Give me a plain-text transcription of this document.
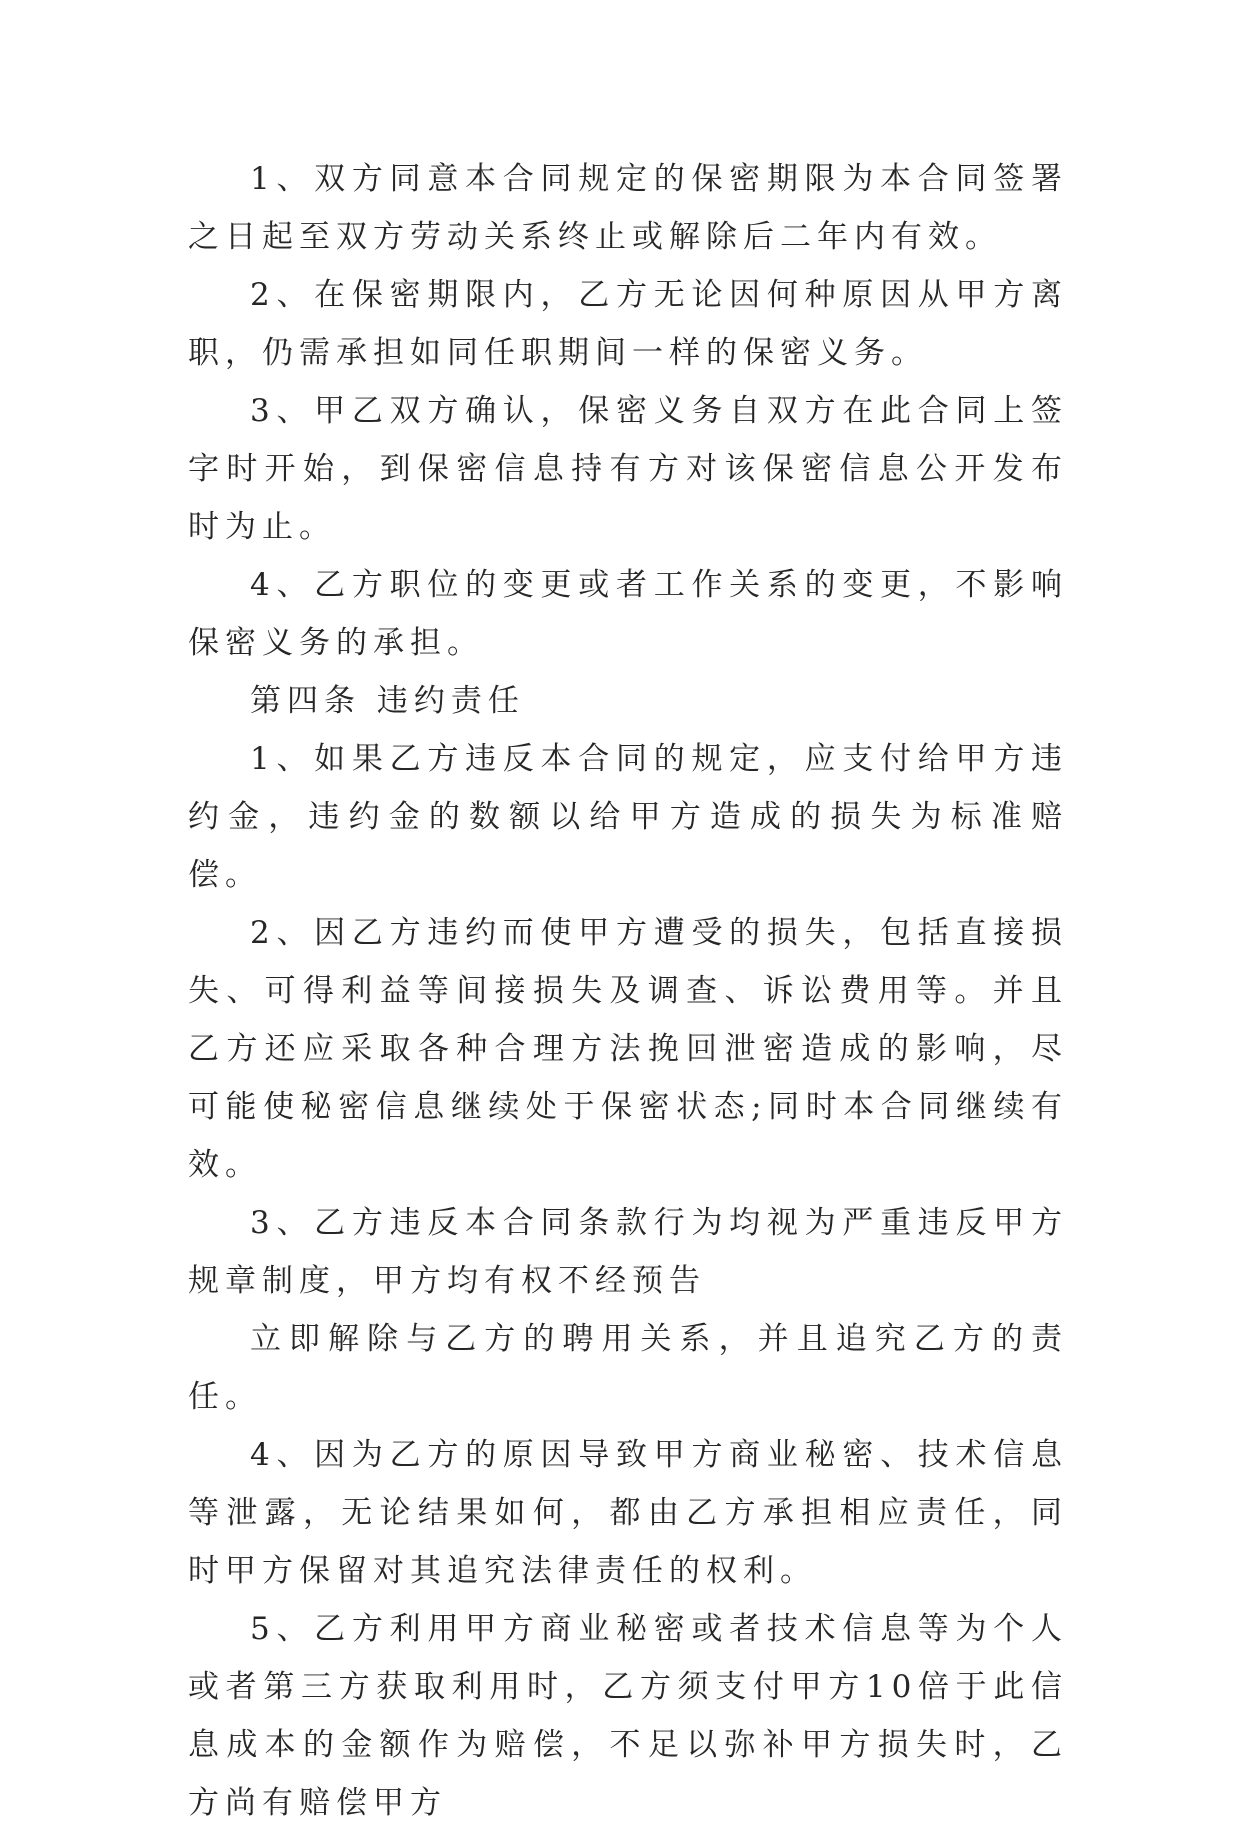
1、双方同意本合同规定的保密期限为本合同签署之日起至双方劳动关系终止或解除后二年内有效。

2、在保密期限内，乙方无论因何种原因从甲方离职，仍需承担如同任职期间一样的保密义务。

3、甲乙双方确认，保密义务自双方在此合同上签字时开始，到保密信息持有方对该保密信息公开发布时为止。

4、乙方职位的变更或者工作关系的变更，不影响保密义务的承担。

第四条 违约责任

1、如果乙方违反本合同的规定，应支付给甲方违约金，违约金的数额以给甲方造成的损失为标准赔偿。

2、因乙方违约而使甲方遭受的损失，包括直接损失、可得利益等间接损失及调查、诉讼费用等。并且乙方还应采取各种合理方法挽回泄密造成的影响，尽可能使秘密信息继续处于保密状态;同时本合同继续有效。

3、乙方违反本合同条款行为均视为严重违反甲方规章制度，甲方均有权不经预告

立即解除与乙方的聘用关系，并且追究乙方的责任。

4、因为乙方的原因导致甲方商业秘密、技术信息等泄露，无论结果如何，都由乙方承担相应责任，同时甲方保留对其追究法律责任的权利。

5、乙方利用甲方商业秘密或者技术信息等为个人或者第三方获取利用时，乙方须支付甲方10倍于此信息成本的金额作为赔偿，不足以弥补甲方损失时，乙方尚有赔偿甲方
